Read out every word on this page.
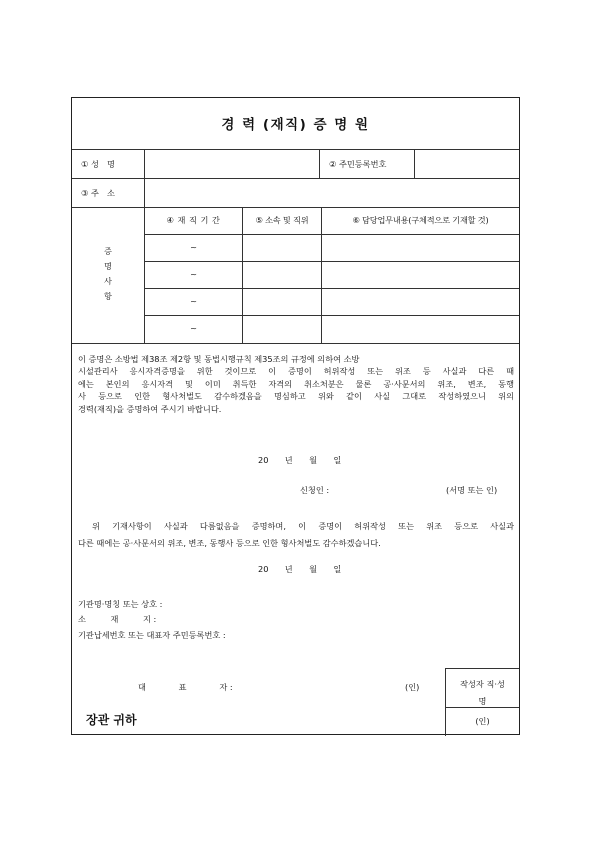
경 력 (재직) 증 명 원
① 성　명	② 주민등록번호
③ 주　소
증
명
사
항
④ 재 직 기 간	⑤ 소속 및 직위	⑥ 담당업무내용(구체적으로 기재할 것)
~
~
~
~
이 증명은 소방법 제38조 제2항 및 동법시행규칙 제35조의 규정에 의하여 소방
시설관리사 응시자격증명을 위한 것이므로 이 증명이 허위작성 또는 위조 등 사실과 다른 때
에는 본인의 응시자격 및 이미 취득한 자격의 취소처분은 물론 공·사문서의 위조, 변조, 동행
사 등으로 인한 형사처벌도 감수하겠음을 명심하고 위와 같이 사실 그대로 작성하였으니 위의
경력(재직)을 증명하여 주시기 바랍니다.
20　　년　　월　　일
신청인 :	(서명 또는 인)
위 기재사항이 사실과 다름없음을 증명하며, 이 증명이 허위작성 또는 위조 등으로 사실과
다른 때에는 공·사문서의 위조, 변조, 동행사 등으로 인한 형사처벌도 감수하겠습니다.
20　　년　　월　　일
기관명·명칭 또는 상호 :
소　　　재　　　지 :
기관납세번호 또는 대표자 주민등록번호 :
대　　　　표　　　　자 :	(인)	작성자 직·성
명
(인)
장관 귀하
